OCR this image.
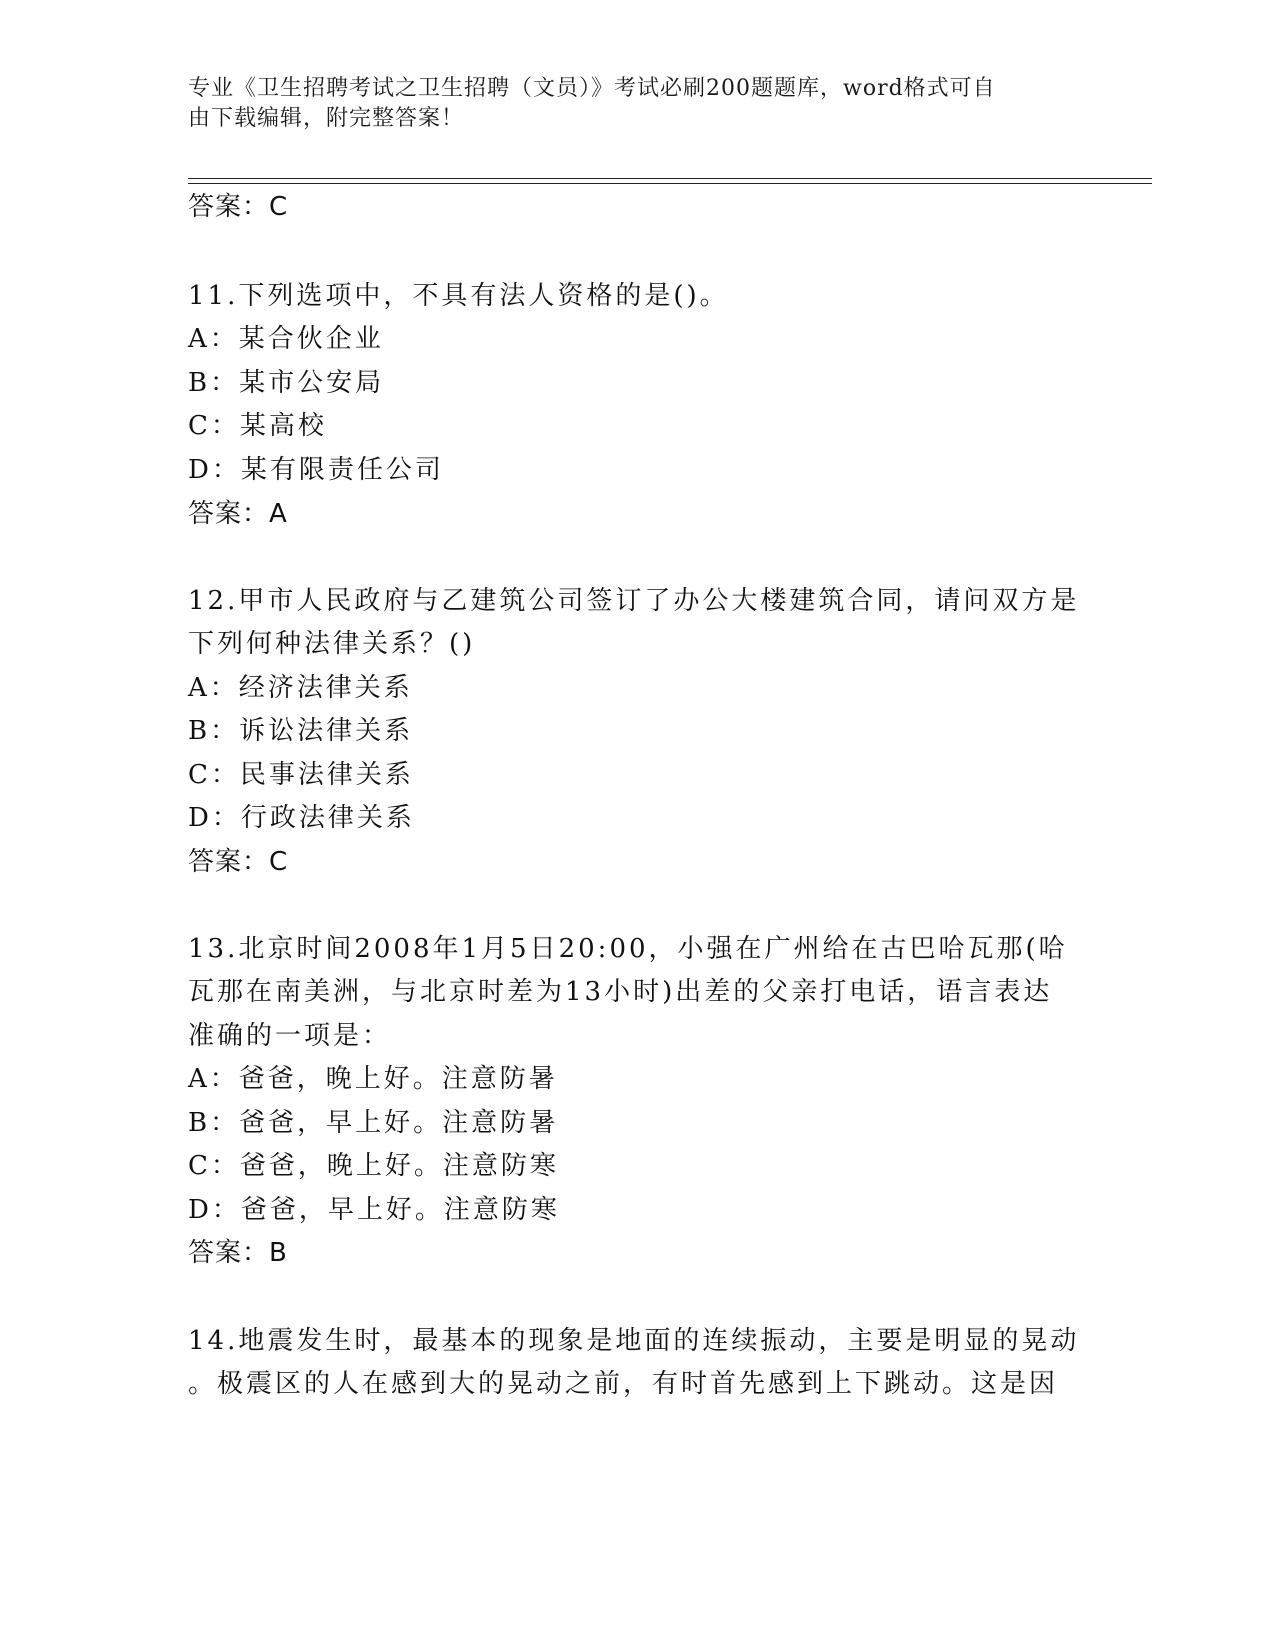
专业《卫生招聘考试之卫生招聘（文员）》考试必刷200题题库，word格式可自
由下载编辑，附完整答案！
答案：C
11.下列选项中，不具有法人资格的是()。
A：某合伙企业
B：某市公安局
C：某高校
D：某有限责任公司
答案：A
12.甲市人民政府与乙建筑公司签订了办公大楼建筑合同，请问双方是
下列何种法律关系？()
A：经济法律关系
B：诉讼法律关系
C：民事法律关系
D：行政法律关系
答案：C
13.北京时间2008年1月5日20:00，小强在广州给在古巴哈瓦那(哈
瓦那在南美洲，与北京时差为13小时)出差的父亲打电话，语言表达
准确的一项是：
A：爸爸，晚上好。注意防暑
B：爸爸，早上好。注意防暑
C：爸爸，晚上好。注意防寒
D：爸爸，早上好。注意防寒
答案：B
14.地震发生时，最基本的现象是地面的连续振动，主要是明显的晃动
。极震区的人在感到大的晃动之前，有时首先感到上下跳动。这是因
